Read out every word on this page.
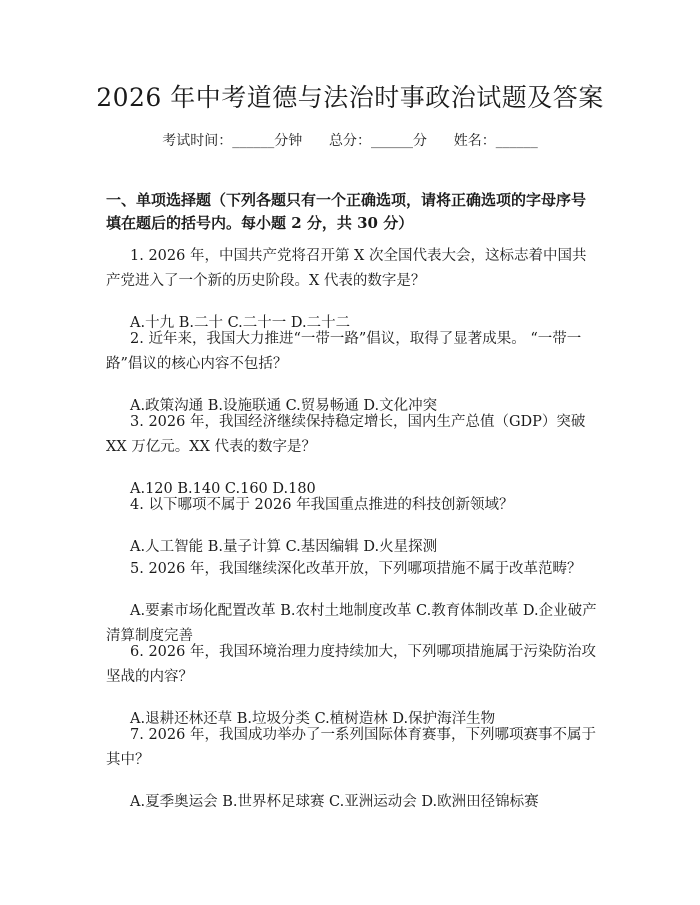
2026 年中考道德与法治时事政治试题及答案
考试时间：______分钟      总分：______分      姓名：______
一、单项选择题（下列各题只有一个正确选项，请将正确选项的字母序号填在题后的括号内。每小题 2 分，共 30 分）

1. 2026 年，中国共产党将召开第 X 次全国代表大会，这标志着中国共产党进入了一个新的历史阶段。X 代表的数字是？

A.十九 B.二十 C.二十一 D.二十二

2. 近年来，我国大力推进“一带一路”倡议，取得了显著成果。 “一带一路”倡议的核心内容不包括？

A.政策沟通 B.设施联通 C.贸易畅通 D.文化冲突

3. 2026 年，我国经济继续保持稳定增长，国内生产总值（GDP）突破 XX 万亿元。XX 代表的数字是？

A.120 B.140 C.160 D.180

4. 以下哪项不属于 2026 年我国重点推进的科技创新领域？

A.人工智能 B.量子计算 C.基因编辑 D.火星探测

5. 2026 年，我国继续深化改革开放，下列哪项措施不属于改革范畴？

A.要素市场化配置改革 B.农村土地制度改革 C.教育体制改革 D.企业破产清算制度完善

6. 2026 年，我国环境治理力度持续加大，下列哪项措施属于污染防治攻坚战的内容？

A.退耕还林还草 B.垃圾分类 C.植树造林 D.保护海洋生物

7. 2026 年，我国成功举办了一系列国际体育赛事，下列哪项赛事不属于其中？

A.夏季奥运会 B.世界杯足球赛 C.亚洲运动会 D.欧洲田径锦标赛
